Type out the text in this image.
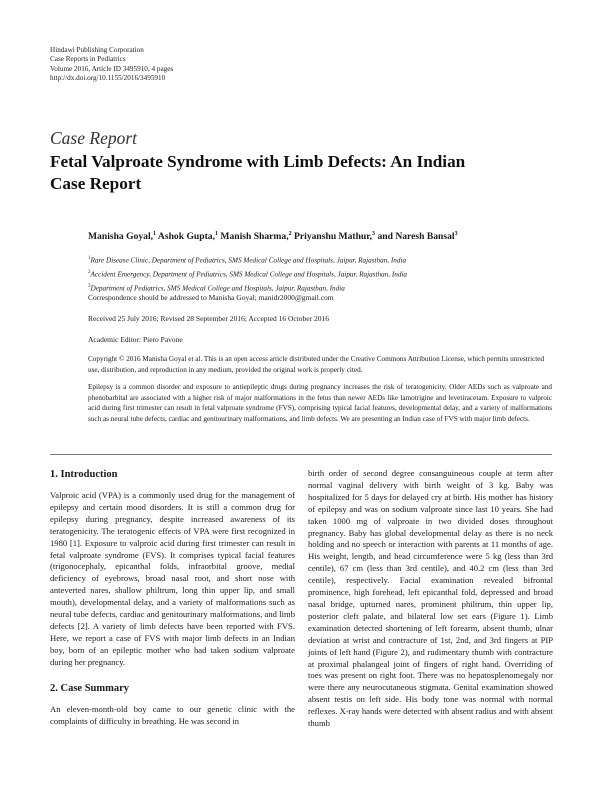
Hindawi Publishing Corporation
Case Reports in Pediatrics
Volume 2016, Article ID 3495910, 4 pages
http://dx.doi.org/10.1155/2016/3495910
Case Report
Fetal Valproate Syndrome with Limb Defects: An Indian Case Report
Manisha Goyal,$^1$ Ashok Gupta,$^1$ Manish Sharma,$^2$ Priyanshu Mathur,$^3$ and Naresh Bansal$^3$
$^1$Rare Disease Clinic, Department of Pediatrics, SMS Medical College and Hospitals, Jaipur, Rajasthan, India
$^2$Accident Emergency, Department of Pediatrics, SMS Medical College and Hospitals, Jaipur, Rajasthan, India
$^3$Department of Pediatrics, SMS Medical College and Hospitals, Jaipur, Rajasthan, India
Correspondence should be addressed to Manisha Goyal; manidr2000@gmail.com
Received 25 July 2016; Revised 28 September 2016; Accepted 16 October 2016
Academic Editor: Piero Pavone
Copyright © 2016 Manisha Goyal et al. This is an open access article distributed under the Creative Commons Attribution License, which permits unrestricted use, distribution, and reproduction in any medium, provided the original work is properly cited.
Epilepsy is a common disorder and exposure to antiepileptic drugs during pregnancy increases the risk of teratogenicity. Older AEDs such as valproate and phenobarbital are associated with a higher risk of major malformations in the fetus than newer AEDs like lamotrigine and levetiracetam. Exposure to valproic acid during first trimester can result in fetal valproate syndrome (FVS), comprising typical facial features, developmental delay, and a variety of malformations such as neural tube defects, cardiac and genitourinary malformations, and limb defects. We are presenting an Indian case of FVS with major limb defects.
1. Introduction

Valproic acid (VPA) is a commonly used drug for the management of epilepsy and certain mood disorders. It is still a common drug for epilepsy during pregnancy, despite increased awareness of its teratogenicity. The teratogenic effects of VPA were first recognized in 1980 [1]. Exposure to valproic acid during first trimester can result in fetal valproate syndrome (FVS). It comprises typical facial features (trigonocephaly, epicanthal folds, infraorbital groove, medial deficiency of eyebrows, broad nasal root, and short nose with anteverted nares, shallow philtrum, long thin upper lip, and small mouth), developmental delay, and a variety of malformations such as neural tube defects, cardiac and genitourinary malformations, and limb defects [2]. A variety of limb defects have been reported with FVS. Here, we report a case of FVS with major limb defects in an Indian boy, born of an epileptic mother who had taken sodium valproate during her pregnancy.

2. Case Summary

An eleven-month-old boy came to our genetic clinic with the complaints of difficulty in breathing. He was second in

birth order of second degree consanguineous couple at term after normal vaginal delivery with birth weight of 3 kg. Baby was hospitalized for 5 days for delayed cry at birth. His mother has history of epilepsy and was on sodium valproate since last 10 years. She had taken 1000 mg of valproate in two divided doses throughout pregnancy. Baby has global developmental delay as there is no neck holding and no speech or interaction with parents at 11 months of age. His weight, length, and head circumference were 5 kg (less than 3rd centile), 67 cm (less than 3rd centile), and 40.2 cm (less than 3rd centile), respectively. Facial examination revealed bifrontal prominence, high forehead, left epicanthal fold, depressed and broad nasal bridge, upturned nares, prominent philtrum, thin upper lip, posterior cleft palate, and bilateral low set ears (Figure 1). Limb examination detected shortening of left forearm, absent thumb, ulnar deviation at wrist and contracture of 1st, 2nd, and 3rd fingers at PIP joints of left hand (Figure 2), and rudimentary thumb with contracture at proximal phalangeal joint of fingers of right hand. Overriding of toes was present on right foot. There was no hepatosplenomegaly nor were there any neurocutaneous stigmata. Genital examination showed absent testis on left side. His body tone was normal with normal reflexes. X-ray hands were detected with absent radius and with absent thumb
